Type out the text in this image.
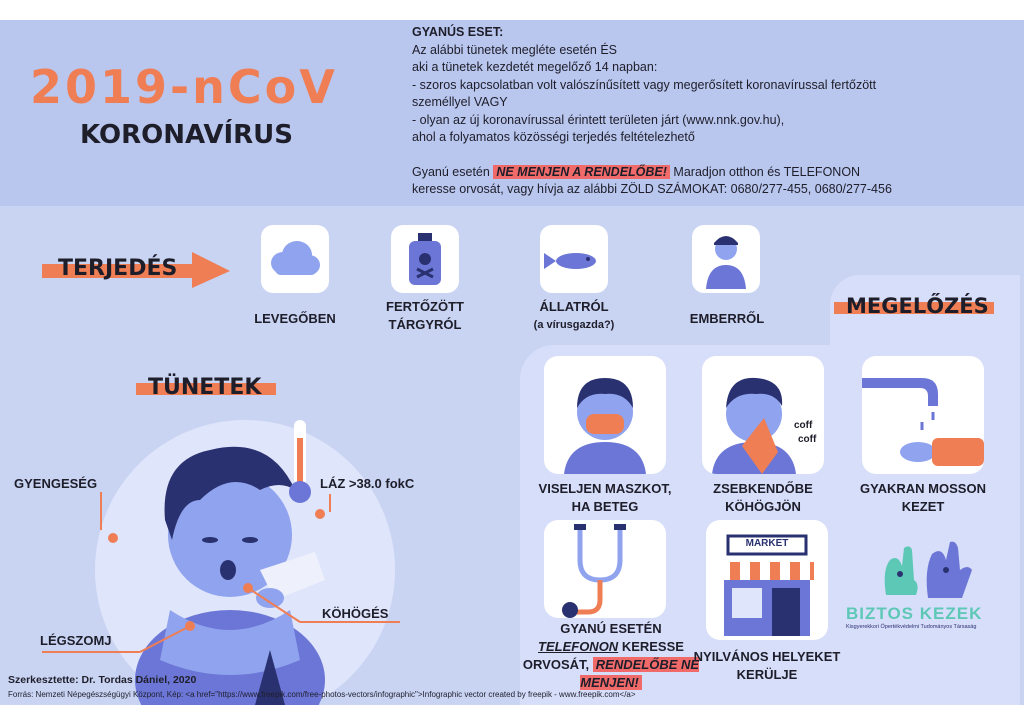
2019-nCoV
KORONAVÍRUS
GYANÚS ESET:
Az alábbi tünetek megléte esetén ÉS
aki a tünetek kezdetét megelőző 14 napban:
- szoros kapcsolatban volt valószínűsített vagy megerősített koronavírussal fertőzött
személlyel VAGY
- olyan az új koronavírussal érintett területen járt (www.nnk.gov.hu),
ahol a folyamatos közösségi terjedés feltételezhető
Gyanú esetén NE MENJEN A RENDELŐBE! Maradjon otthon és TELEFONON
keresse orvosát, vagy hívja az alábbi ZÖLD SZÁMOKAT: 0680/277-455, 0680/277-456
TERJEDÉS
LEVEGŐBEN
FERTŐZÖTT
TÁRGYRÓL
ÁLLATRÓL
(a vírusgazda?)	EMBERRŐL
MEGELŐZÉS
TÜNETEK
GYENGESÉG	LÁZ >38.0 fokC
KÖHÖGÉS
LÉGSZOMJ
VISELJEN MASZKOT,
HA BETEG
coff
coff
ZSEBKENDŐBE
KÖHÖGJÖN
GYAKRAN MOSSON
KEZET
GYANÚ ESETÉN
TELEFONON KERESSE
ORVOSÁT, RENDELŐBE NE MENJEN!
MARKET
NYILVÁNOS HELYEKET
KERÜLJE
BIZTOS KEZEK
Kisgyerekkori Öpertékvédelmi Tudományos Társaság
Szerkesztette: Dr. Tordas Dániel, 2020
Forrás: Nemzeti Népegészségügyi Központ, Kép: <a href="https://www.freepik.com/free-photos-vectors/infographic">Infographic vector created by freepik - www.freepik.com</a>
